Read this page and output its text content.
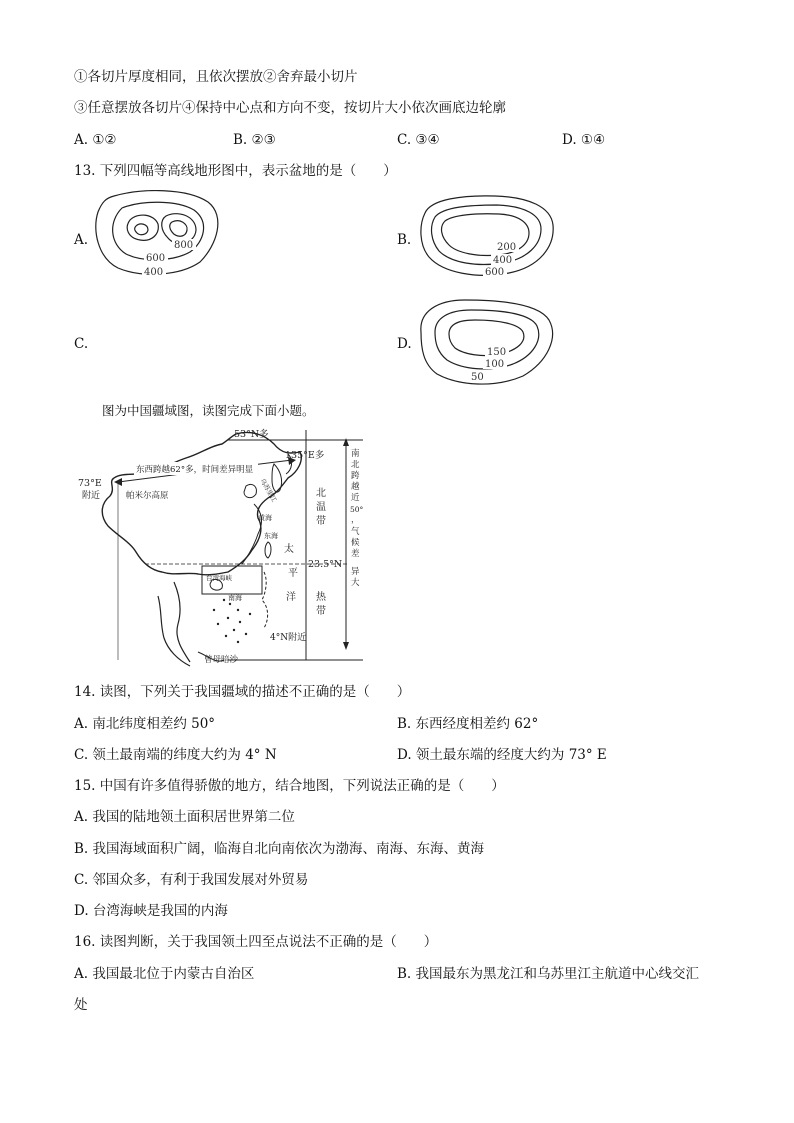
①各切片厚度相同，且依次摆放②舍弃最小切片
③任意摆放各切片④保持中心点和方向不变，按切片大小依次画底边轮廓
A. ①②	B. ②③	C. ③④	D. ①④
13. 下列四幅等高线地形图中，表示盆地的是（　　）
A.	B.
C.	D.
800
600
400
200
400
600
150
100
50
图为中国疆域图，读图完成下面小题。
53°N多
135°E多
73°E
附近
东西跨越62°多，时间差异明显
帕米尔高原	乌苏里江
黄海
东海
台湾海峡
南海
23.5°N
4°N附近
曾母暗沙
太
平
洋
北
温
带
热
带
南
北
跨
越
近
50°
，
气
候
差
异
大
14. 读图，下列关于我国疆域的描述不正确的是（　　）
A. 南北纬度相差约 50°	B. 东西经度相差约 62°
C. 领土最南端的纬度大约为 4° N	D. 领土最东端的经度大约为 73° E
15. 中国有许多值得骄傲的地方，结合地图，下列说法正确的是（　　）
A. 我国的陆地领土面积居世界第二位
B. 我国海域面积广阔，临海自北向南依次为渤海、南海、东海、黄海
C. 邻国众多，有利于我国发展对外贸易
D. 台湾海峡是我国的内海
16. 读图判断，关于我国领土四至点说法不正确的是（　　）
A. 我国最北位于内蒙古自治区	B. 我国最东为黑龙江和乌苏里江主航道中心线交汇
处
